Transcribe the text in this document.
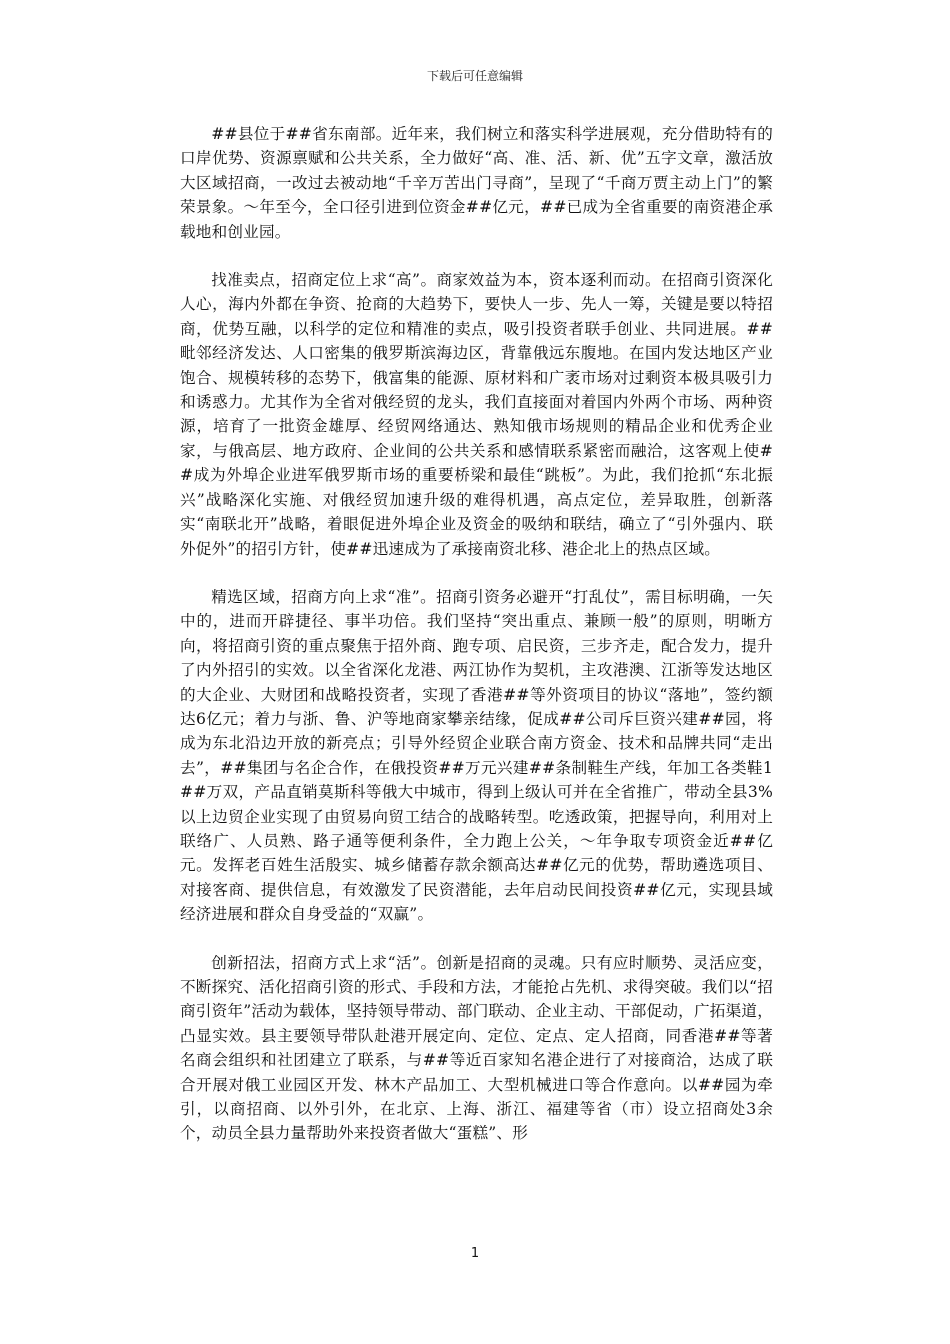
下载后可任意编辑

##县位于##省东南部。近年来，我们树立和落实科学进展观，充分借助特有的口岸优势、资源禀赋和公共关系，全力做好“高、准、活、新、优”五字文章，激活放大区域招商，一改过去被动地“千辛万苦出门寻商”，呈现了“千商万贾主动上门”的繁荣景象。～年至今，全口径引进到位资金##亿元，##已成为全省重要的南资港企承载地和创业园。

找准卖点，招商定位上求“高”。商家效益为本，资本逐利而动。在招商引资深化人心，海内外都在争资、抢商的大趋势下，要快人一步、先人一筹，关键是要以特招商，优势互融，以科学的定位和精准的卖点，吸引投资者联手创业、共同进展。##毗邻经济发达、人口密集的俄罗斯滨海边区，背靠俄远东腹地。在国内发达地区产业饱合、规模转移的态势下，俄富集的能源、原材料和广袤市场对过剩资本极具吸引力和诱惑力。尤其作为全省对俄经贸的龙头，我们直接面对着国内外两个市场、两种资源，培育了一批资金雄厚、经贸网络通达、熟知俄市场规则的精品企业和优秀企业家，与俄高层、地方政府、企业间的公共关系和感情联系紧密而融洽，这客观上使##成为外埠企业进军俄罗斯市场的重要桥梁和最佳“跳板”。为此，我们抢抓“东北振兴”战略深化实施、对俄经贸加速升级的难得机遇，高点定位，差异取胜，创新落实“南联北开”战略，着眼促进外埠企业及资金的吸纳和联结，确立了“引外强内、联外促外”的招引方针，使##迅速成为了承接南资北移、港企北上的热点区域。

精选区域，招商方向上求“准”。招商引资务必避开“打乱仗”，需目标明确，一矢中的，进而开辟捷径、事半功倍。我们坚持“突出重点、兼顾一般”的原则，明晰方向，将招商引资的重点聚焦于招外商、跑专项、启民资，三步齐走，配合发力，提升了内外招引的实效。以全省深化龙港、两江协作为契机，主攻港澳、江浙等发达地区的大企业、大财团和战略投资者，实现了香港##等外资项目的协议“落地”，签约额达6亿元；着力与浙、鲁、沪等地商家攀亲结缘，促成##公司斥巨资兴建##园，将成为东北沿边开放的新亮点；引导外经贸企业联合南方资金、技术和品牌共同“走出去”，##集团与名企合作，在俄投资##万元兴建##条制鞋生产线，年加工各类鞋1##万双，产品直销莫斯科等俄大中城市，得到上级认可并在全省推广，带动全县3%以上边贸企业实现了由贸易向贸工结合的战略转型。吃透政策，把握导向，利用对上联络广、人员熟、路子通等便利条件，全力跑上公关，～年争取专项资金近##亿元。发挥老百姓生活殷实、城乡储蓄存款余额高达##亿元的优势，帮助遴选项目、对接客商、提供信息，有效激发了民资潜能，去年启动民间投资##亿元，实现县域经济进展和群众自身受益的“双赢”。

创新招法，招商方式上求“活”。创新是招商的灵魂。只有应时顺势、灵活应变，不断探究、活化招商引资的形式、手段和方法，才能抢占先机、求得突破。我们以“招商引资年”活动为载体，坚持领导带动、部门联动、企业主动、干部促动，广拓渠道，凸显实效。县主要领导带队赴港开展定向、定位、定点、定人招商，同香港##等著名商会组织和社团建立了联系，与##等近百家知名港企进行了对接商洽，达成了联合开展对俄工业园区开发、林木产品加工、大型机械进口等合作意向。以##园为牵引，以商招商、以外引外，在北京、上海、浙江、福建等省（市）设立招商处3余个，动员全县力量帮助外来投资者做大“蛋糕”、形

1
